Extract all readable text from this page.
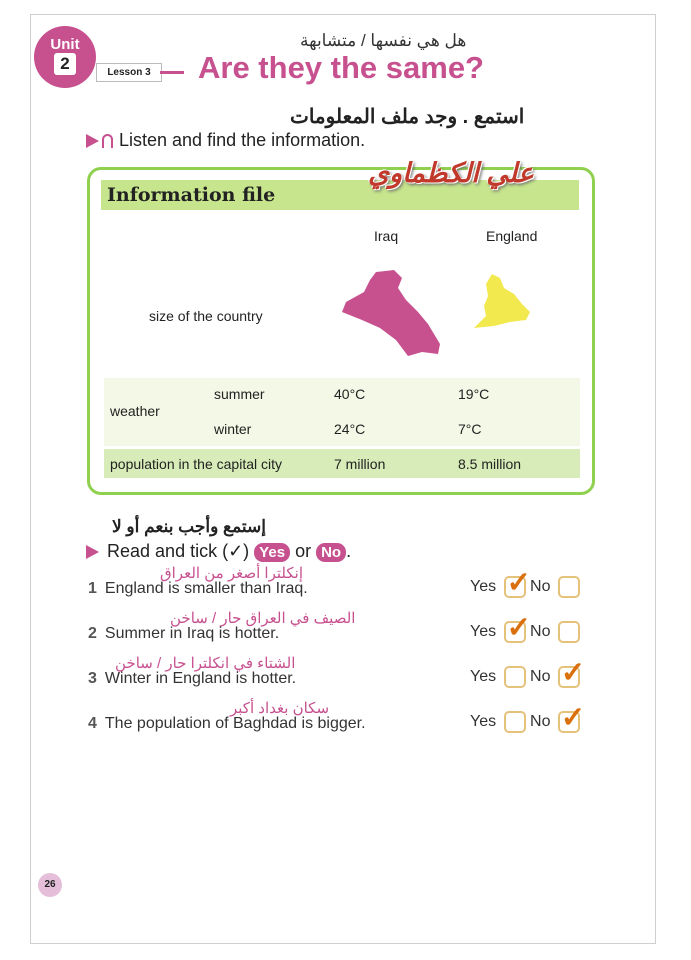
Unit
2	Lesson 3
هل هي نفسها / متشابهة
Are they the same?
استمع . وجد ملف المعلومات
Listen and find the information.
Information file
علي الكظماوي
Iraq	England
size of the country
weather
summer	40°C	19°C
winter	24°C	7°C
population in the capital city	7 million	8.5 million
إستمع وأجب بنعم أو لا
Read and tick (✓) Yes or No .
إنكلترا أصغر من العراق
1 England is smaller than Iraq.	Yes ✓ No
الصيف في العراق حار / ساخن
2 Summer in Iraq is hotter.	Yes ✓ No
الشتاء في انكلترا حار / ساخن
3 Winter in England is hotter.	Yes No ✓
سكان بغداد أكبر
4 The population of Baghdad is bigger.	Yes No ✓
26
